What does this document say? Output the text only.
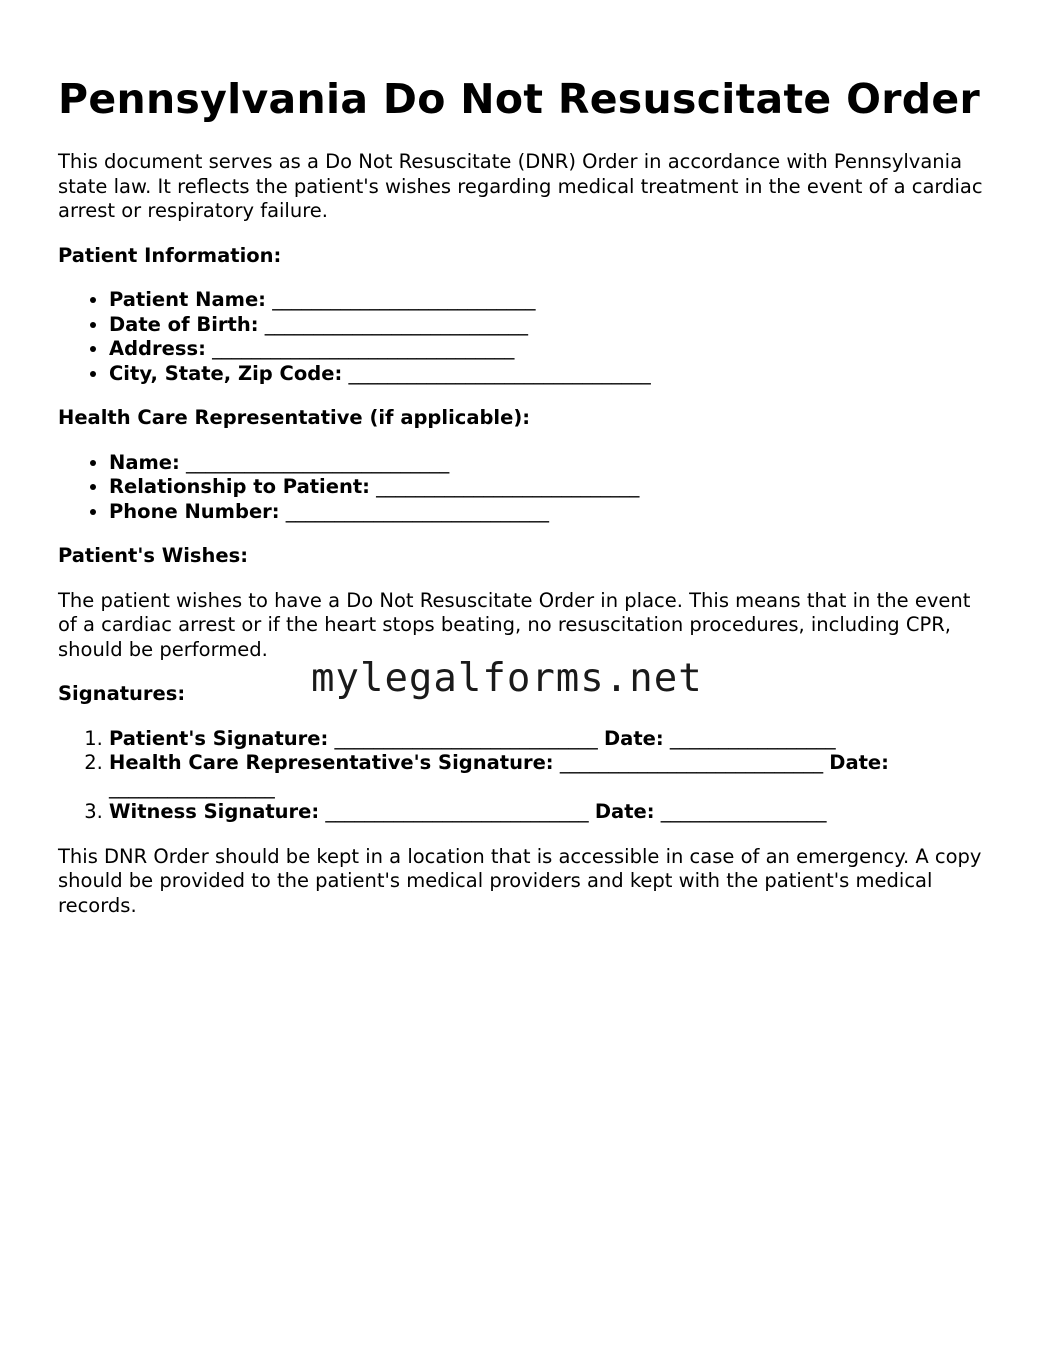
Pennsylvania Do Not Resuscitate Order

This document serves as a Do Not Resuscitate (DNR) Order in accordance with Pennsylvania state law. It reflects the patient's wishes regarding medical treatment in the event of a cardiac arrest or respiratory failure.

Patient Information:
• Patient Name: ___________________________
• Date of Birth: ___________________________
• Address: _______________________________
• City, State, Zip Code: _______________________________
Health Care Representative (if applicable):
• Name: ___________________________
• Relationship to Patient: ___________________________
• Phone Number: ___________________________
Patient's Wishes:

The patient wishes to have a Do Not Resuscitate Order in place. This means that in the event of a cardiac arrest or if the heart stops beating, no resuscitation procedures, including CPR, should be performed.

Signatures:
1. Patient's Signature: ___________________________ Date: _________________
2. Health Care Representative's Signature: ___________________________ Date: _________________
3. Witness Signature: ___________________________ Date: _________________

This DNR Order should be kept in a location that is accessible in case of an emergency. A copy should be provided to the patient's medical providers and kept with the patient's medical records.

mylegalforms.net
